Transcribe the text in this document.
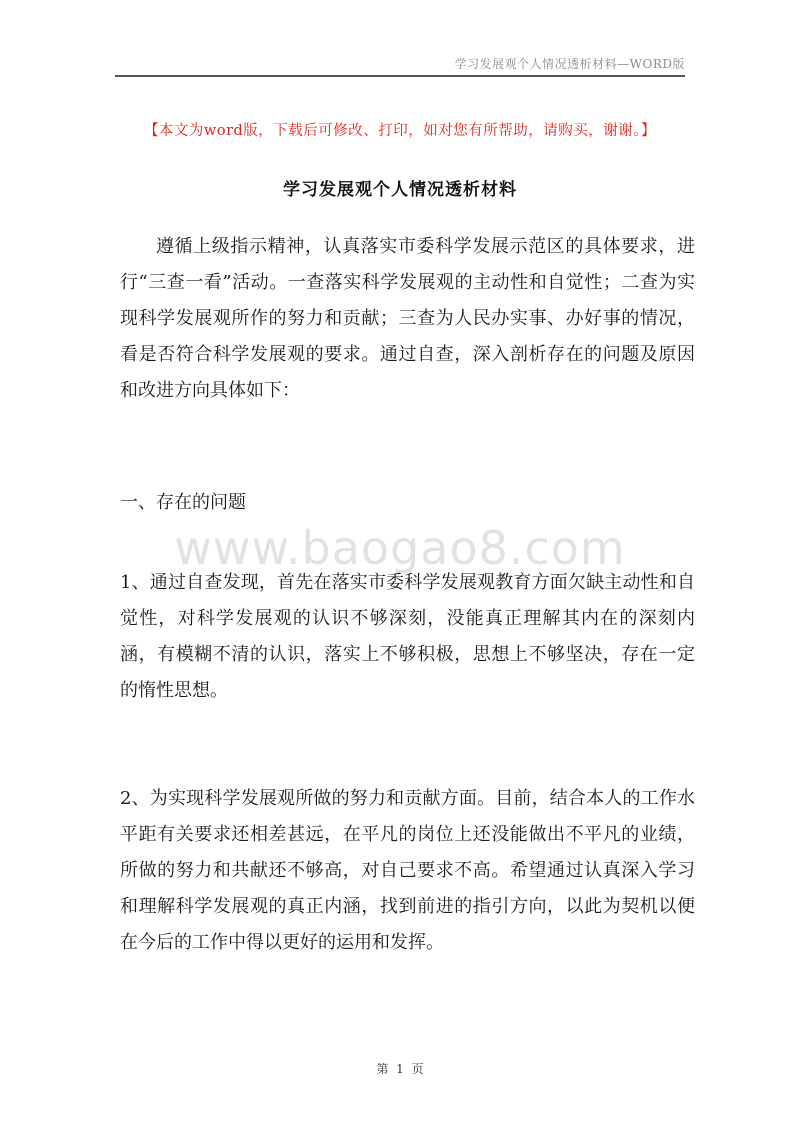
学习发展观个人情况透析材料—WORD版
【本文为word版，下载后可修改、打印，如对您有所帮助，请购买，谢谢。】
学习发展观个人情况透析材料

遵循上级指示精神，认真落实市委科学发展示范区的具体要求，进行“三查一看”活动。一查落实科学发展观的主动性和自觉性；二查为实现科学发展观所作的努力和贡献；三查为人民办实事、办好事的情况，看是否符合科学发展观的要求。通过自查，深入剖析存在的问题及原因和改进方向具体如下：

一、存在的问题

www.baogao8.com

1、通过自查发现，首先在落实市委科学发展观教育方面欠缺主动性和自觉性，对科学发展观的认识不够深刻，没能真正理解其内在的深刻内涵，有模糊不清的认识，落实上不够积极，思想上不够坚决，存在一定的惰性思想。

2、为实现科学发展观所做的努力和贡献方面。目前，结合本人的工作水平距有关要求还相差甚远，在平凡的岗位上还没能做出不平凡的业绩，所做的努力和共献还不够高，对自己要求不高。希望通过认真深入学习和理解科学发展观的真正内涵，找到前进的指引方向，以此为契机以便在今后的工作中得以更好的运用和发挥。

第 1 页
